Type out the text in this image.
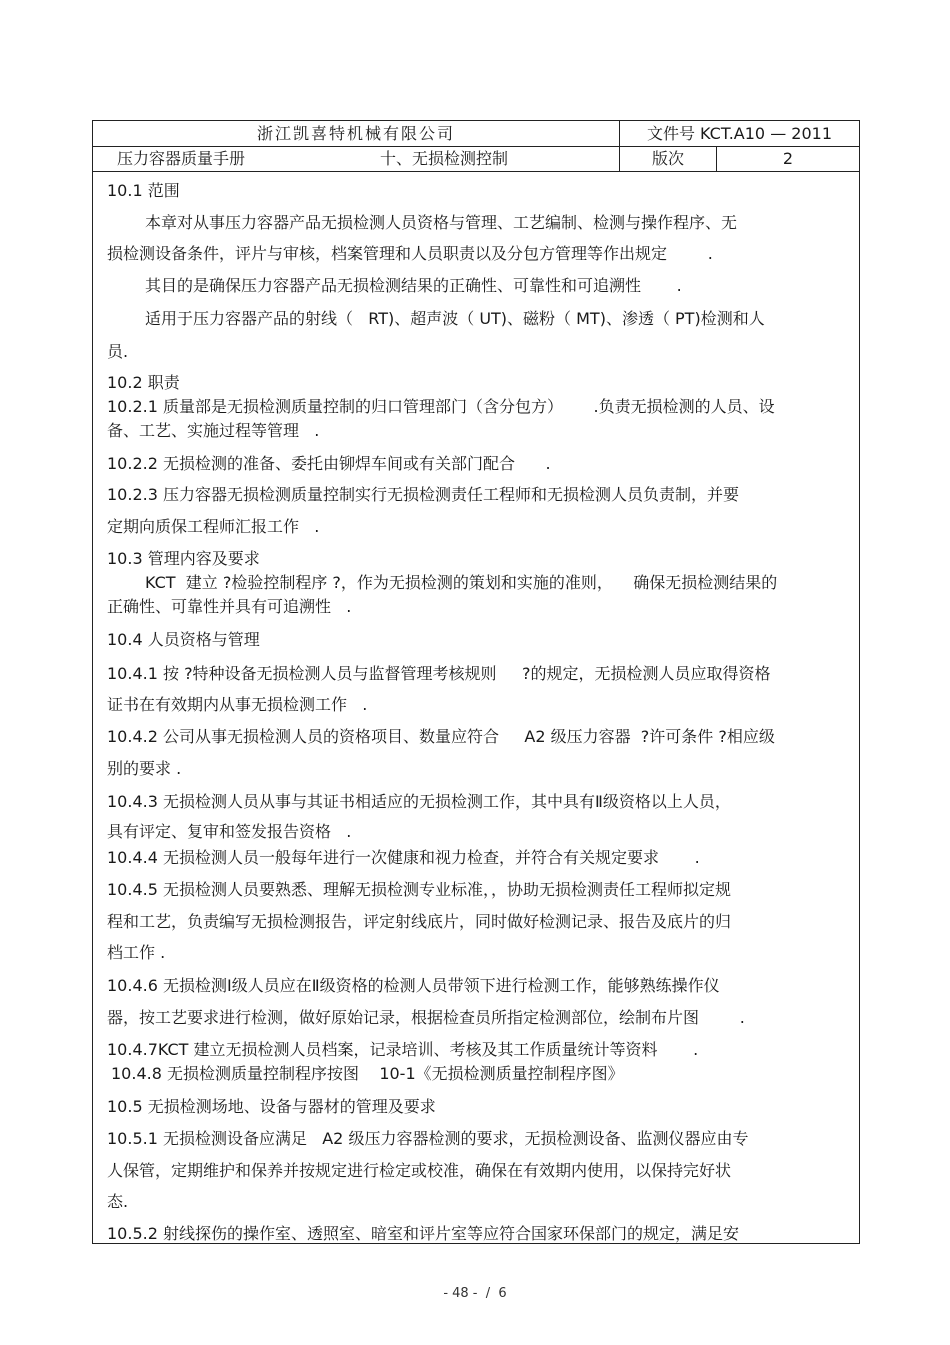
浙江凯喜特机械有限公司	文件号 KCT.A10 — 2011
压力容器质量手册	十、无损检测控制	版次	2
10.1 范围
本章对从事压力容器产品无损检测人员资格与管理、工艺编制、检测与操作程序、无
损检测设备条件，评片与审核，档案管理和人员职责以及分包方管理等作出规定        .
其目的是确保压力容器产品无损检测结果的正确性、可靠性和可追溯性       .
适用于压力容器产品的射线（   RT)、超声波（ UT)、磁粉（ MT)、渗透（ PT)检测和人
员.
10.2 职责
10.2.1 质量部是无损检测质量控制的归口管理部门（含分包方）      .负责无损检测的人员、设
备、工艺、实施过程等管理   .
10.2.2 无损检测的准备、委托由铆焊车间或有关部门配合      .
10.2.3 压力容器无损检测质量控制实行无损检测责任工程师和无损检测人员负责制，并要
定期向质保工程师汇报工作   .
10.3 管理内容及要求
KCT  建立 ?检验控制程序 ?，作为无损检测的策划和实施的准则，    确保无损检测结果的
正确性、可靠性并具有可追溯性   .
10.4 人员资格与管理
10.4.1 按 ?特种设备无损检测人员与监督管理考核规则     ?的规定，无损检测人员应取得资格
证书在有效期内从事无损检测工作   .
10.4.2 公司从事无损检测人员的资格项目、数量应符合     A2 级压力容器  ?许可条件 ?相应级
别的要求 .
10.4.3 无损检测人员从事与其证书相适应的无损检测工作，其中具有Ⅱ级资格以上人员，
具有评定、复审和签发报告资格   .
10.4.4 无损检测人员一般每年进行一次健康和视力检查，并符合有关规定要求       .
10.4.5 无损检测人员要熟悉、理解无损检测专业标准，，协助无损检测责任工程师拟定规
程和工艺，负责编写无损检测报告，评定射线底片，同时做好检测记录、报告及底片的归
档工作 .
10.4.6 无损检测Ⅰ级人员应在Ⅱ级资格的检测人员带领下进行检测工作，能够熟练操作仪
器，按工艺要求进行检测，做好原始记录，根据检查员所指定检测部位，绘制布片图        .
10.4.7KCT 建立无损检测人员档案，记录培训、考核及其工作质量统计等资料       .
10.4.8 无损检测质量控制程序按图    10-1《无损检测质量控制程序图》
10.5 无损检测场地、设备与器材的管理及要求
10.5.1 无损检测设备应满足   A2 级压力容器检测的要求，无损检测设备、监测仪器应由专
人保管，定期维护和保养并按规定进行检定或校准，确保在有效期内使用，以保持完好状
态.
10.5.2 射线探伤的操作室、透照室、暗室和评片室等应符合国家环保部门的规定，满足安
- 48 -  /  6
